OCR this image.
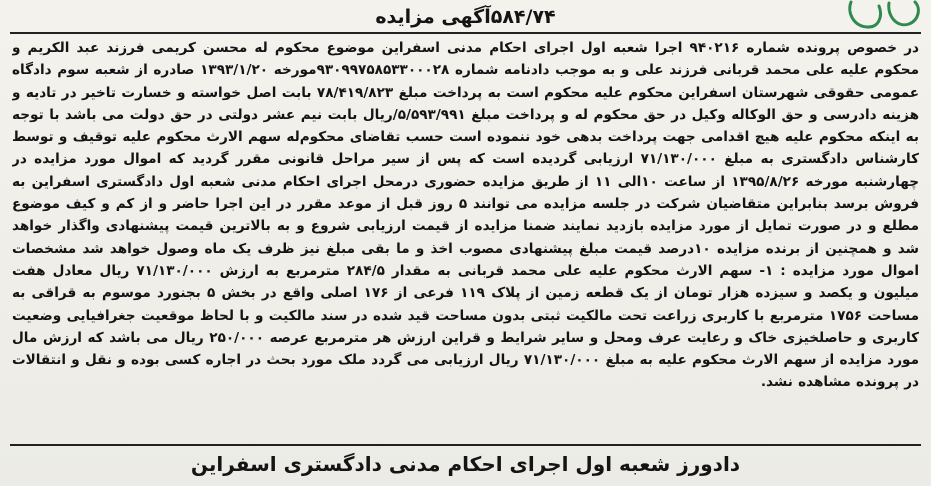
۵۸۴/۷۴آگهی مزایده
در خصوص پرونده شماره ۹۴۰۲۱۶ اجرا شعبه اول اجرای احکام مدنی اسفراین موضوع محکوم له محسن کریمی فرزند عبد الکریم و محکوم علیه علی محمد قربانی فرزند علی و به موجب دادنامه شماره ۹۳۰۹۹۷۵۸۵۳۳۰۰۰۲۸مورخه ۱۳۹۳/۱/۲۰ صادره از شعبه سوم دادگاه عمومی حقوقی شهرستان اسفراین محکوم علیه محکوم است به پرداخت مبلغ ۷۸/۴۱۹/۸۲۳ بابت اصل خواسته و خسارت تاخیر در تادیه و هزینه دادرسی و حق الوکاله وکیل در حق محکوم له و پرداخت مبلغ ۵/۵۹۳/۹۹۱/ریال بابت نیم عشر دولتی در حق دولت می باشد با توجه به اینکه محکوم علیه هیچ اقدامی جهت پرداخت بدهی خود ننموده است حسب تقاضای محکوم‌له سهم الارث محکوم علیه توقیف و توسط کارشناس دادگستری به مبلغ ۷۱/۱۳۰/۰۰۰ ارزیابی گردیده است که پس از سیر مراحل قانونی مقرر گردید که اموال مورد مزایده در چهارشنبه مورخه ۱۳۹۵/۸/۲۶ از ساعت ۱۰الی ۱۱ از طریق مزایده حضوری درمحل اجرای احکام مدنی شعبه اول دادگستری اسفراین به فروش برسد بنابراین متقاضیان شرکت در جلسه مزایده می توانند ۵ روز قبل از موعد مقرر در این اجرا حاضر و از کم و کیف موضوع مطلع و در صورت تمایل از مورد مزایده بازدید نمایند ضمنا مزایده از قیمت ارزیابی شروع و به بالاترین قیمت پیشنهادی واگذار خواهد شد و همچنین از برنده مزایده ۱۰درصد قیمت مبلغ پیشنهادی مصوب اخذ و ما بقی مبلغ نیز ظرف یک ماه وصول خواهد شد مشخصات اموال مورد مزایده : ۱- سهم الارث محکوم علیه علی محمد قربانی به مقدار ۲۸۴/۵ مترمربع به ارزش ۷۱/۱۳۰/۰۰۰ ریال معادل هفت میلیون و یکصد و سیزده هزار تومان از یک قطعه زمین از پلاک ۱۱۹ فرعی از ۱۷۶ اصلی واقع در بخش ۵ بجنورد موسوم به قراقی به مساحت ۱۷۵۶ مترمربع با کاربری زراعت تحت مالکیت ثبتی بدون مساحت قید شده در سند مالکیت و با لحاظ موقعیت جغرافیایی وضعیت کاربری و حاصلخیزی خاک و رعایت عرف ومحل و سایر شرایط و قراین ارزش هر مترمربع عرصه ۲۵۰/۰۰۰ ریال می باشد که ارزش مال مورد مزایده از سهم الارث محکوم علیه به مبلغ ۷۱/۱۳۰/۰۰۰ ریال ارزیابی می گردد ملک مورد بحث در اجاره کسی بوده و نقل و انتقالات در پرونده مشاهده نشد.
دادورز شعبه اول اجرای احکام مدنی دادگستری اسفراین
